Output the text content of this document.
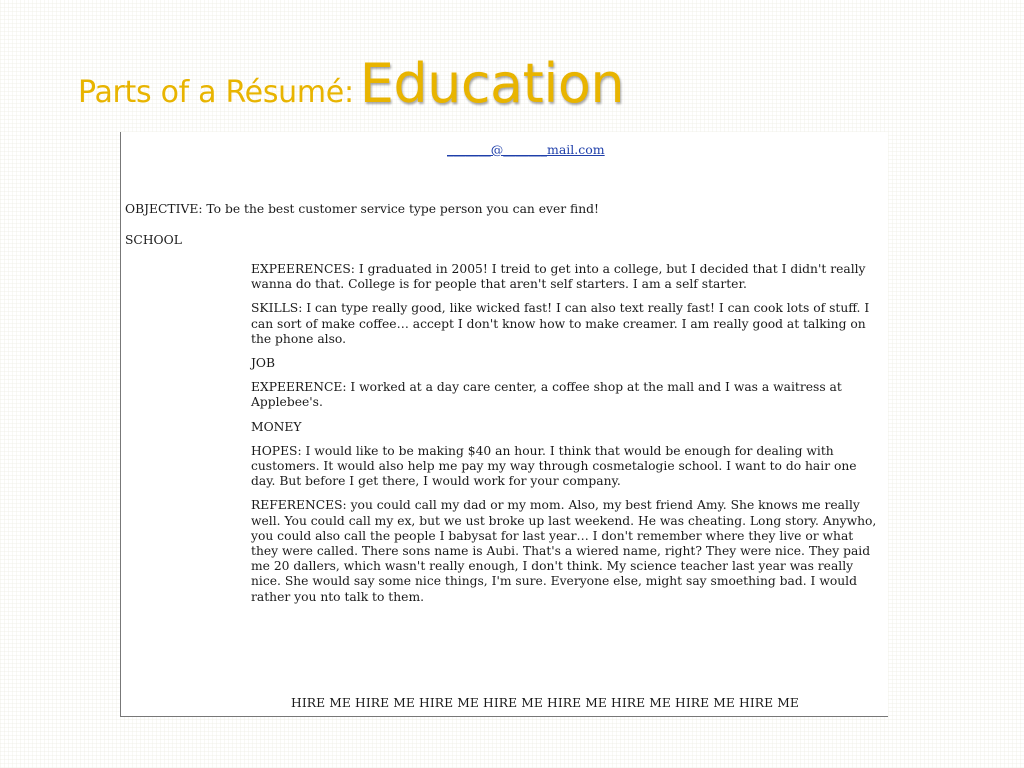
Parts of a Résumé: Education
_______@_______mail.com
OBJECTIVE: To be the best customer service type person you can ever find!
SCHOOL

EXPEERENCES: I graduated in 2005! I treid to get into a college, but I decided that I didn't really wanna do that. College is for people that aren't self starters. I am a self starter.

SKILLS: I can type really good, like wicked fast! I can also text really fast! I can cook lots of stuff. I can sort of make coffee… accept I don't know how to make creamer. I am really good at talking on the phone also.

JOB

EXPEERENCE: I worked at a day care center, a coffee shop at the mall and I was a waitress at Applebee's.

MONEY

HOPES: I would like to be making $40 an hour. I think that would be enough for dealing with customers. It would also help me pay my way through cosmetalogie school. I want to do hair one day. But before I get there, I would work for your company.

REFERENCES: you could call my dad or my mom. Also, my best friend Amy. She knows me really well. You could call my ex, but we ust broke up last weekend. He was cheating. Long story. Anywho, you could also call the people I babysat for last year… I don't remember where they live or what they were called. There sons name is Aubi. That's a wiered name, right? They were nice. They paid me 20 dallers, which wasn't really enough, I don't think. My science teacher last year was really nice. She would say some nice things, I'm sure. Everyone else, might say smoething bad. I would rather you nto talk to them.

HIRE ME HIRE ME HIRE ME HIRE ME HIRE ME HIRE ME HIRE ME HIRE ME
